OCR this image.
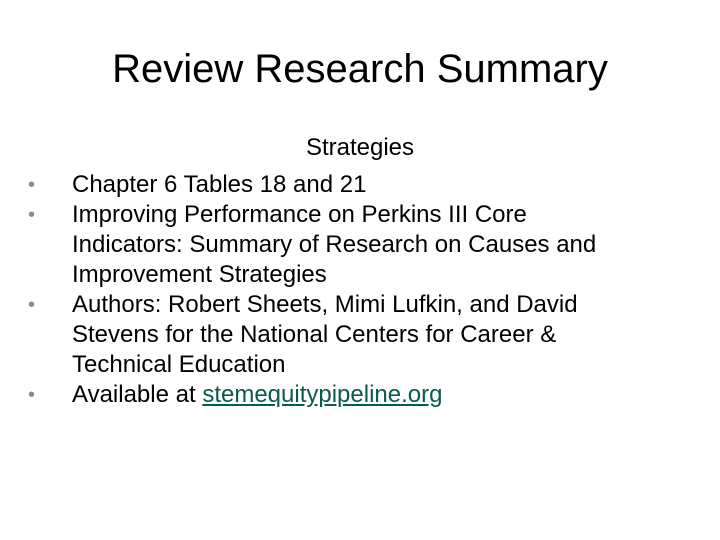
Review Research Summary
Strategies
• Chapter 6 Tables 18 and 21
• Improving Performance on Perkins III Core Indicators: Summary of Research on Causes and Improvement Strategies
• Authors: Robert Sheets, Mimi Lufkin, and David Stevens for the National Centers for Career & Technical Education
• Available at stemequitypipeline.org
